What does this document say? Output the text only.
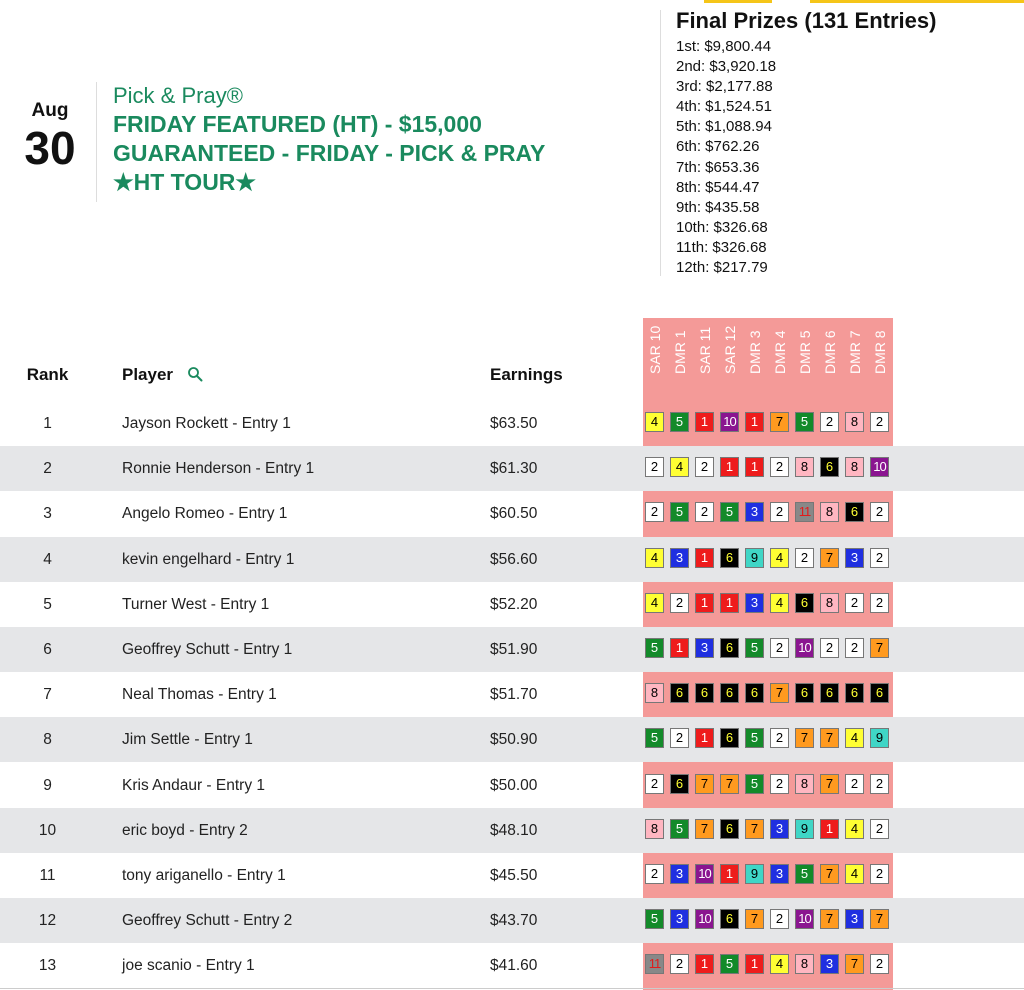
Aug
30
Pick & Pray®
FRIDAY FEATURED (HT) - $15,000
GUARANTEED - FRIDAY - PICK & PRAY
★HT TOUR★
Final Prizes (131 Entries)
1st: $9,800.44
2nd: $3,920.18
3rd: $2,177.88
4th: $1,524.51
5th: $1,088.94
6th: $762.26
7th: $653.36
8th: $544.47
9th: $435.58
10th: $326.68
11th: $326.68
12th: $217.79
SAR 10 DMR 1 SAR 11 SAR 12 DMR 3 DMR 4 DMR 5 DMR 6 DMR 7 DMR 8
Rank	Player	Earnings
1	Jayson Rockett - Entry 1	$63.50	4	5	1	10	1	7	5	2	8	2
2	Ronnie Henderson - Entry 1	$61.30	2	4	2	1	1	2	8	6	8	10
3	Angelo Romeo - Entry 1	$60.50	2	5	2	5	3	2	11	8	6	2
4	kevin engelhard - Entry 1	$56.60	4	3	1	6	9	4	2	7	3	2
5	Turner West - Entry 1	$52.20	4	2	1	1	3	4	6	8	2	2
6	Geoffrey Schutt - Entry 1	$51.90	5	1	3	6	5	2	10	2	2	7
7	Neal Thomas - Entry 1	$51.70	8	6	6	6	6	7	6	6	6	6
8	Jim Settle - Entry 1	$50.90	5	2	1	6	5	2	7	7	4	9
9	Kris Andaur - Entry 1	$50.00	2	6	7	7	5	2	8	7	2	2
10	eric boyd - Entry 2	$48.10	8	5	7	6	7	3	9	1	4	2
11	tony ariganello - Entry 1	$45.50	2	3	10	1	9	3	5	7	4	2
12	Geoffrey Schutt - Entry 2	$43.70	5	3	10	6	7	2	10	7	3	7
13	joe scanio - Entry 1	$41.60	11	2	1	5	1	4	8	3	7	2
